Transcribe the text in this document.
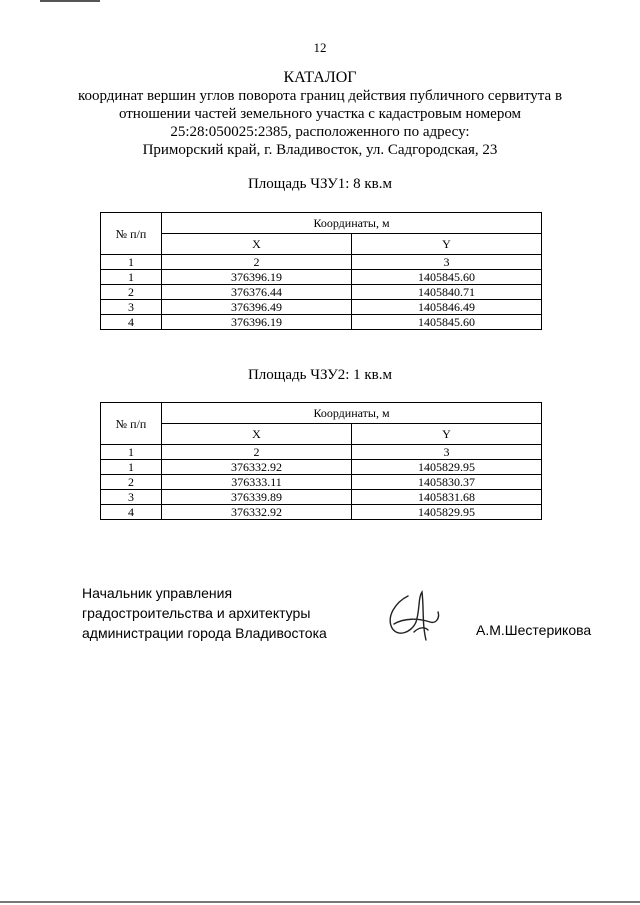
12
КАТАЛОГ
координат вершин углов поворота границ действия публичного сервитута в
отношении частей земельного участка с кадастровым номером
25:28:050025:2385, расположенного по адресу:
Приморский край, г. Владивосток, ул. Садгородская, 23
Площадь ЧЗУ1: 8 кв.м
№ п/п	Координаты, м	
	X	Y
1	2	3
1	376396.19	1405845.60
2	376376.44	1405840.71
3	376396.49	1405846.49
4	376396.19	1405845.60
Площадь ЧЗУ2: 1 кв.м
№ п/п	Координаты, м	
	X	Y
1	2	3
1	376332.92	1405829.95
2	376333.11	1405830.37
3	376339.89	1405831.68
4	376332.92	1405829.95
Начальник управления
градостроительства и архитектуры
администрации города Владивостока	А.М.Шестерикова
